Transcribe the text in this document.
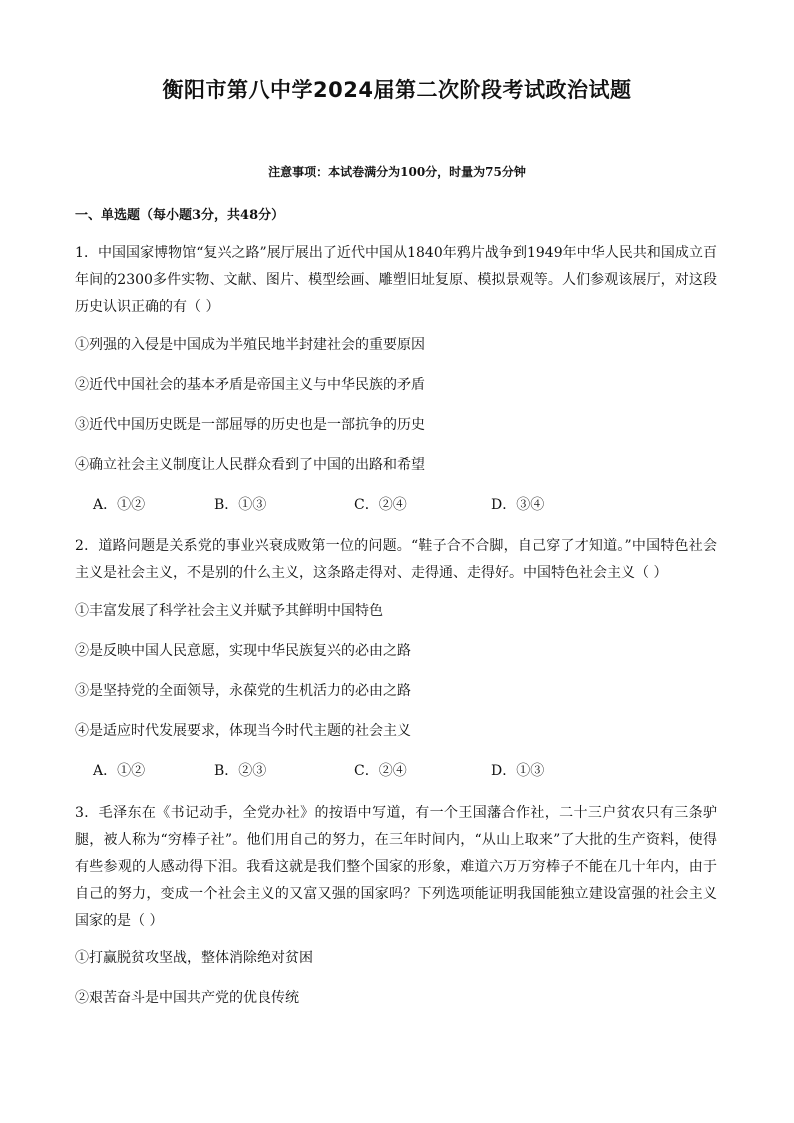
衡阳市第八中学2024届第二次阶段考试政治试题
注意事项：本试卷满分为100分，时量为75分钟
一、单选题（每小题3分，共48分）
1．中国国家博物馆“复兴之路”展厅展出了近代中国从1840年鸦片战争到1949年中华人民共和国成立百年间的2300多件实物、文献、图片、模型绘画、雕塑旧址复原、模拟景观等。人们参观该展厅，对这段历史认识正确的有（ ）
①列强的入侵是中国成为半殖民地半封建社会的重要原因
②近代中国社会的基本矛盾是帝国主义与中华民族的矛盾
③近代中国历史既是一部屈辱的历史也是一部抗争的历史
④确立社会主义制度让人民群众看到了中国的出路和希望
A．①②	B．①③	C．②④	D．③④
2．道路问题是关系党的事业兴衰成败第一位的问题。“鞋子合不合脚，自己穿了才知道。”中国特色社会主义是社会主义，不是别的什么主义，这条路走得对、走得通、走得好。中国特色社会主义（ ）
①丰富发展了科学社会主义并赋予其鲜明中国特色
②是反映中国人民意愿，实现中华民族复兴的必由之路
③是坚持党的全面领导，永葆党的生机活力的必由之路
④是适应时代发展要求，体现当今时代主题的社会主义
A．①②	B．②③	C．②④	D．①③
3．毛泽东在《书记动手，全党办社》的按语中写道，有一个王国藩合作社，二十三户贫农只有三条驴腿，被人称为“穷棒子社”。他们用自己的努力，在三年时间内，“从山上取来”了大批的生产资料，使得有些参观的人感动得下泪。我看这就是我们整个国家的形象，难道六万万穷棒子不能在几十年内，由于自己的努力，变成一个社会主义的又富又强的国家吗？下列选项能证明我国能独立建设富强的社会主义国家的是（ ）
①打赢脱贫攻坚战，整体消除绝对贫困
②艰苦奋斗是中国共产党的优良传统
